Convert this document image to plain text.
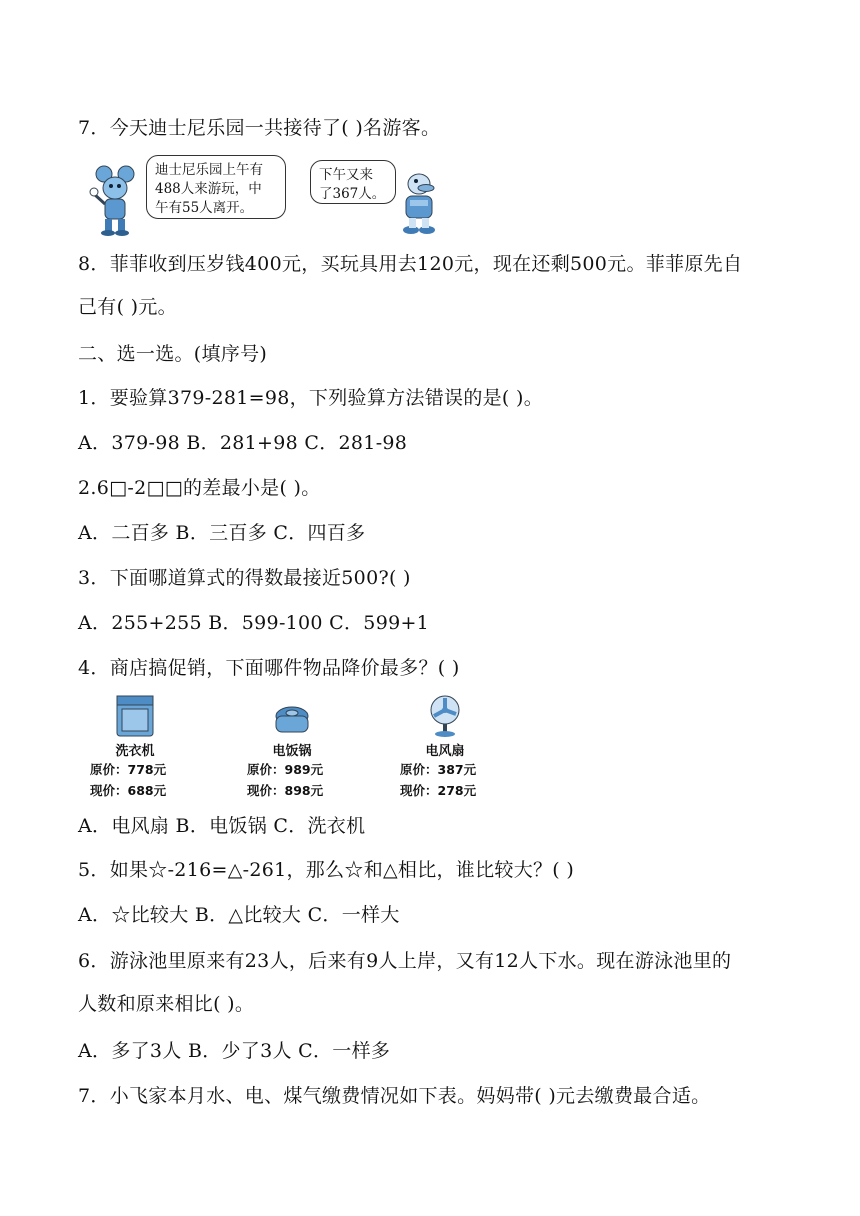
7．今天迪士尼乐园一共接待了( )名游客。
迪士尼乐园上午有
488人来游玩，中
午有55人离开。
下午又来
了367人。
8．菲菲收到压岁钱400元，买玩具用去120元，现在还剩500元。菲菲原先自
己有( )元。
二、选一选。(填序号)
1．要验算379-281=98，下列验算方法错误的是( )。
A．379-98 B．281+98 C．281-98
2.6□-2□□的差最小是( )。
A．二百多 B．三百多 C．四百多
3．下面哪道算式的得数最接近500?( )
A．255+255 B．599-100 C．599+1
4．商店搞促销，下面哪件物品降价最多？( )
洗衣机
原价：778元
现价：688元
电饭锅
原价：989元
现价：898元
电风扇
原价：387元
现价：278元
A．电风扇 B．电饭锅 C．洗衣机
5．如果☆-216=△-261，那么☆和△相比，谁比较大？( )
A．☆比较大 B．△比较大 C．一样大
6．游泳池里原来有23人，后来有9人上岸，又有12人下水。现在游泳池里的
人数和原来相比( )。
A．多了3人 B．少了3人 C．一样多
7．小飞家本月水、电、煤气缴费情况如下表。妈妈带( )元去缴费最合适。
